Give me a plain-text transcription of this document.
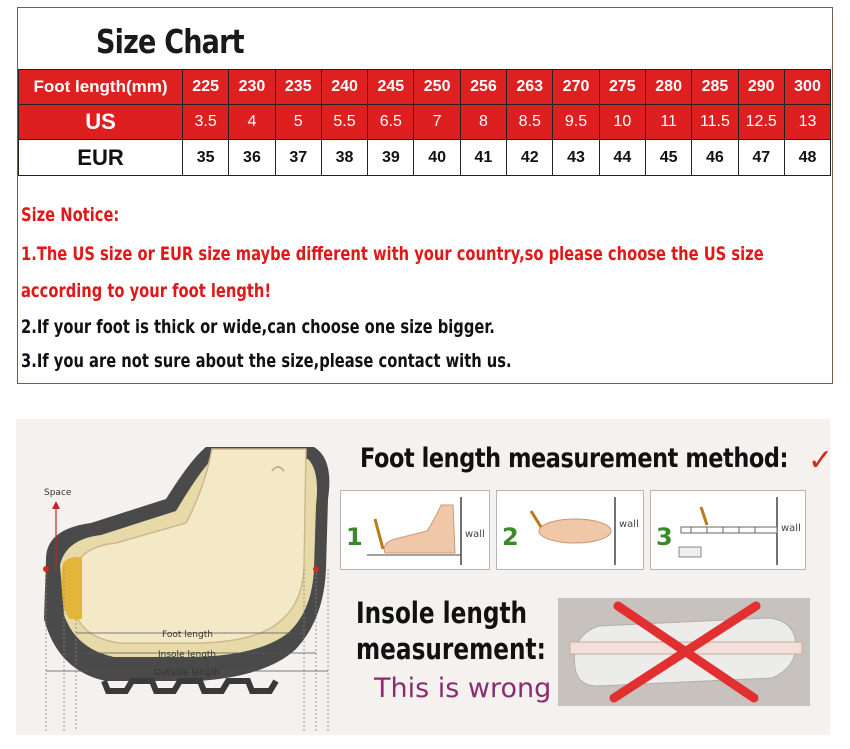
Size Chart
Foot length(mm)	225	230	235	240	245	250	256	263	270	275	280	285	290	300
US	3.5	4	5	5.5	6.5	7	8	8.5	9.5	10	11	11.5	12.5	13
EUR	35	36	37	38	39	40	41	42	43	44	45	46	47	48
Size Notice:
1.The US size or EUR size maybe different with your country,so please choose the US size
according to your foot length!
2.If your foot is thick or wide,can choose one size bigger.
3.If you are not sure about the size,please contact with us.
Space
Foot length
Insole length
Outsole length
Foot length measurement method: ✓
1	wall 2	wall 3	wall
Insole length
measurement:
This is wrong
